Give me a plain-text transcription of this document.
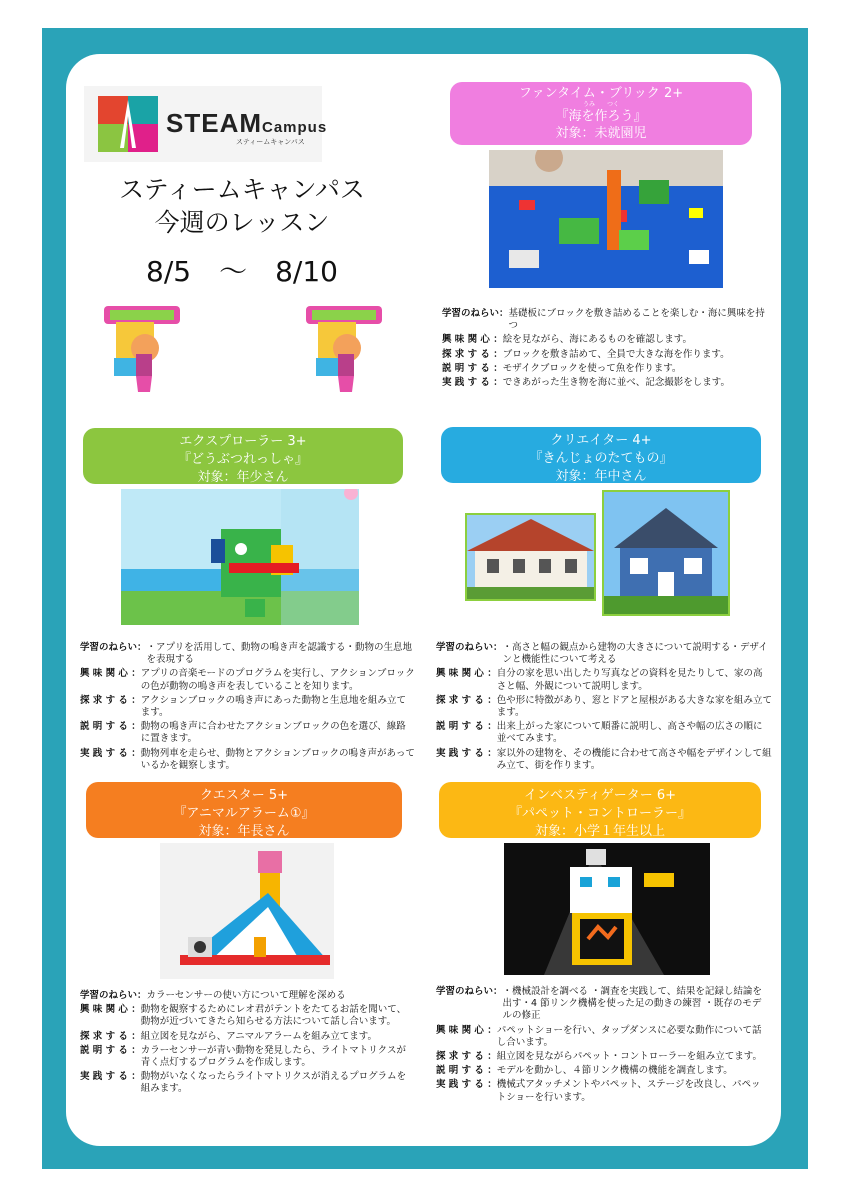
STEAMCampus
スティームキャンパス
スティームキャンパス
今週のレッスン
8/5　～　8/10
ファンタイム・ブリック 2+
うみ　　つく
『海を作ろう』
対象：未就園児
学習のねらい： 基礎板にブロックを敷き詰めることを楽しむ・海に興味を持つ
興 味 関 心 ： 絵を見ながら、海にあるものを確認します。
探 求 す る ： ブロックを敷き詰めて、全員で大きな海を作ります。
説 明 す る ： モザイクブロックを使って魚を作ります。
実 践 す る ： できあがった生き物を海に並べ、記念撮影をします。
エクスプローラー 3+
『どうぶつれっしゃ』
対象：年少さん
学習のねらい： ・アプリを活用して、動物の鳴き声を認識する・動物の生息地を表現する
興 味 関 心 ： アプリの音楽モードのプログラムを実行し、アクションブロックの色が動物の鳴き声を表していることを知ります。
探 求 す る ： アクションブロックの鳴き声にあった動物と生息地を組み立てます。
説 明 す る ： 動物の鳴き声に合わせたアクションブロックの色を選び、線路に置きます。
実 践 す る ： 動物列車を走らせ、動物とアクションブロックの鳴き声があっているかを観察します。
クリエイター 4+
『きんじょのたてもの』
対象：年中さん
学習のねらい： ・高さと幅の観点から建物の大きさについて説明する・デザインと機能性について考える
興 味 関 心 ： 自分の家を思い出したり写真などの資料を見たりして、家の高さと幅、外観について説明します。
探 求 す る ： 色や形に特徴があり、窓とドアと屋根がある大きな家を組み立てます。
説 明 す る ： 出来上がった家について順番に説明し、高さや幅の広さの順に並べてみます。
実 践 す る ： 家以外の建物を、その機能に合わせて高さや幅をデザインして組み立て、街を作ります。
クエスター 5+
『アニマルアラーム①』
対象：年長さん
学習のねらい： カラーセンサーの使い方について理解を深める
興 味 関 心 ： 動物を観察するためにレオ君がテントをたてるお話を聞いて、動物が近づいてきたら知らせる方法について話し合います。
探 求 す る ： 組立図を見ながら、アニマルアラームを組み立てます。
説 明 す る ： カラーセンサーが青い動物を発見したら、ライトマトリクスが青く点灯するプログラムを作成します。
実 践 す る ： 動物がいなくなったらライトマトリクスが消えるプログラムを組みます。
インベスティゲーター 6+
『パペット・コントローラー』
対象：小学１年生以上
学習のねらい： ・機械設計を調べる ・調査を実践して、結果を記録し結論を出す・4 節リンク機構を使った足の動きの練習 ・既存のモデルの修正
興 味 関 心 ： パペットショーを行い、タップダンスに必要な動作について話し合います。
探 求 す る ： 組立図を見ながらパペット・コントローラーを組み立てます。
説 明 す る ： モデルを動かし、４節リンク機構の機能を調査します。
実 践 す る ： 機械式アタッチメントやパペット、ステージを改良し、パペットショーを行います。
